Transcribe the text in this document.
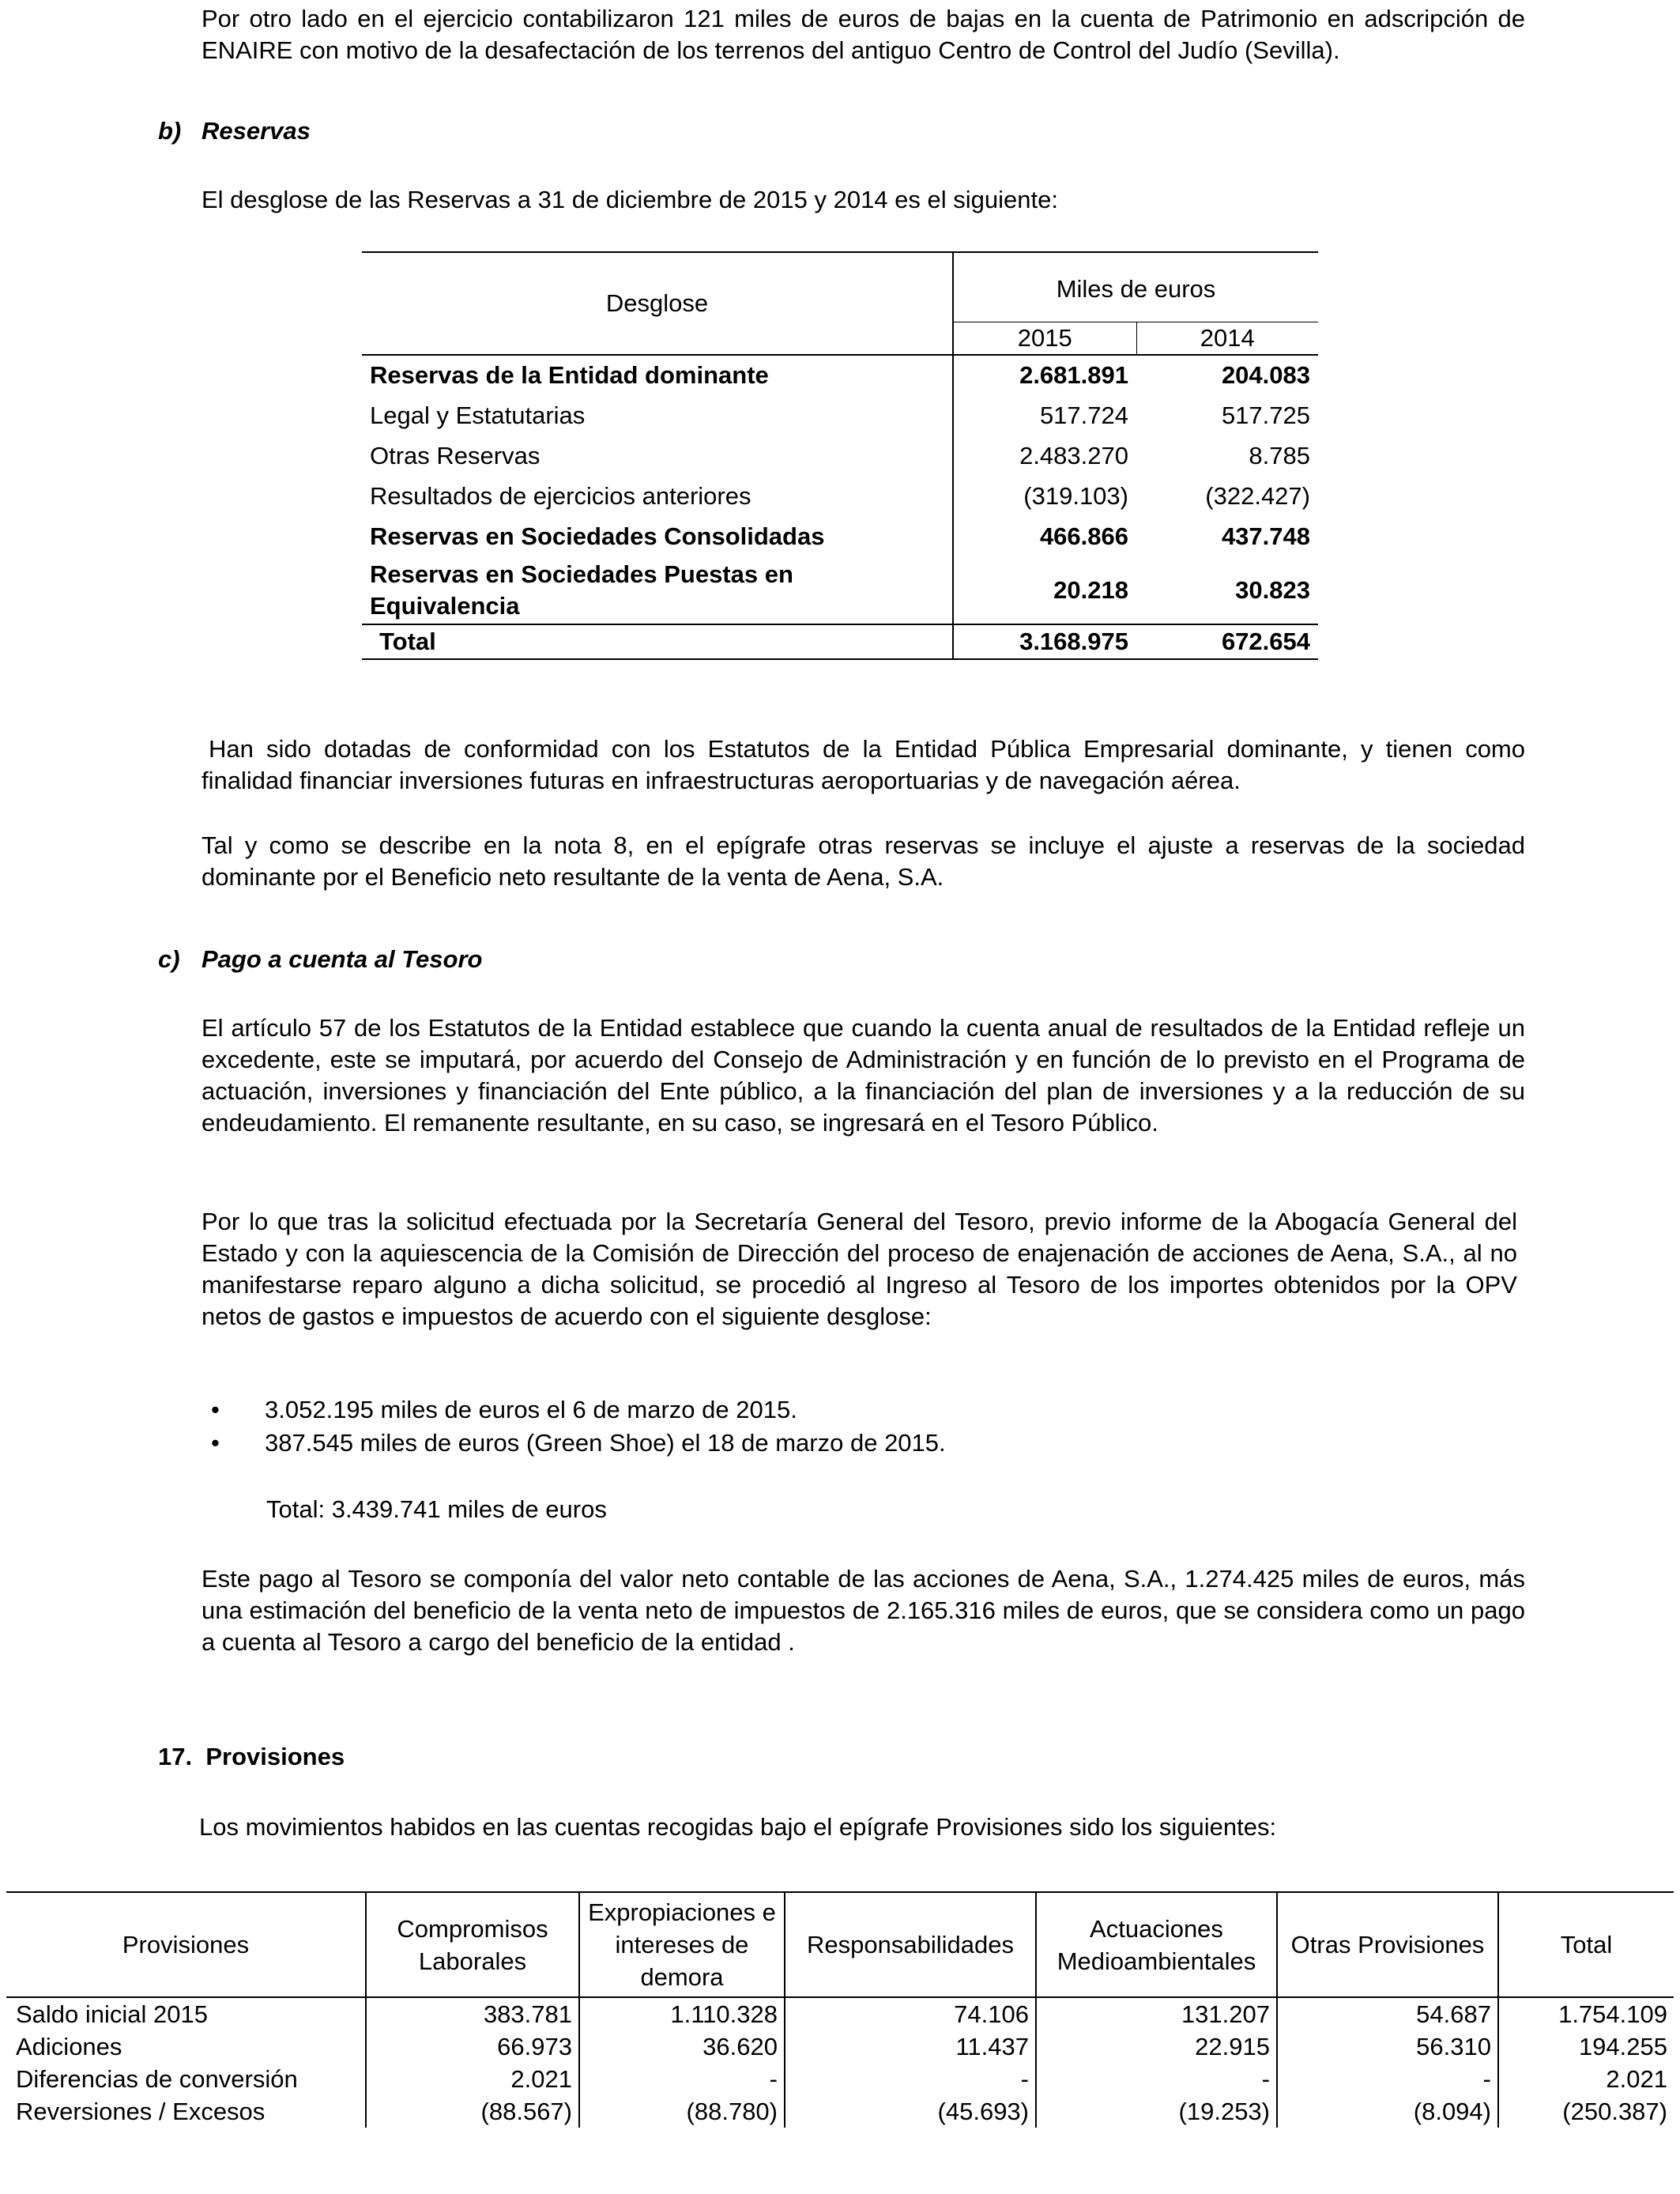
Por otro lado en el ejercicio contabilizaron 121 miles de euros de bajas en la cuenta de Patrimonio en adscripción de ENAIRE con motivo de la desafectación de los terrenos del antiguo Centro de Control del Judío (Sevilla).

b) Reservas

El desglose de las Reservas a 31 de diciembre de 2015 y 2014 es el siguiente:

Desglose	Miles de euros	
	2015	2014
Reservas de la Entidad dominante	2.681.891	204.083
Legal y Estatutarias	517.724	517.725
Otras Reservas	2.483.270	8.785
Resultados de ejercicios anteriores	(319.103)	(322.427)
Reservas en Sociedades Consolidadas	466.866	437.748
Reservas en Sociedades Puestas en Equivalencia	20.218	30.823
Total	3.168.975	672.654

Han sido dotadas de conformidad con los Estatutos de la Entidad Pública Empresarial dominante, y tienen como finalidad financiar inversiones futuras en infraestructuras aeroportuarias y de navegación aérea.

Tal y como se describe en la nota 8, en el epígrafe otras reservas se incluye el ajuste a reservas de la sociedad dominante por el Beneficio neto resultante de la venta de Aena, S.A.

c) Pago a cuenta al Tesoro

El artículo 57 de los Estatutos de la Entidad establece que cuando la cuenta anual de resultados de la Entidad refleje un excedente, este se imputará, por acuerdo del Consejo de Administración y en función de lo previsto en el Programa de actuación, inversiones y financiación del Ente público, a la financiación del plan de inversiones y a la reducción de su endeudamiento. El remanente resultante, en su caso, se ingresará en el Tesoro Público.

Por lo que tras la solicitud efectuada por la Secretaría General del Tesoro, previo informe de la Abogacía General del Estado y con la aquiescencia de la Comisión de Dirección del proceso de enajenación de acciones de Aena, S.A., al no manifestarse reparo alguno a dicha solicitud, se procedió al Ingreso al Tesoro de los importes obtenidos por la OPV netos de gastos e impuestos de acuerdo con el siguiente desglose:

• 3.052.195 miles de euros el 6 de marzo de 2015.
• 387.545 miles de euros (Green Shoe) el 18 de marzo de 2015.

Total: 3.439.741 miles de euros

Este pago al Tesoro se componía del valor neto contable de las acciones de Aena, S.A., 1.274.425 miles de euros, más una estimación del beneficio de la venta neto de impuestos de 2.165.316 miles de euros, que se considera como un pago a cuenta al Tesoro a cargo del beneficio de la entidad .

17. Provisiones

Los movimientos habidos en las cuentas recogidas bajo el epígrafe Provisiones sido los siguientes:

Provisiones	Compromisos Laborales	Expropiaciones e intereses de demora	Responsabilidades	Actuaciones Medioambientales	Otras Provisiones	Total
Saldo inicial 2015	383.781	1.110.328	74.106	131.207	54.687	1.754.109
Adiciones	66.973	36.620	11.437	22.915	56.310	194.255
Diferencias de conversión	2.021	-	-	-	-	2.021
Reversiones / Excesos	(88.567)	(88.780)	(45.693)	(19.253)	(8.094)	(250.387)
